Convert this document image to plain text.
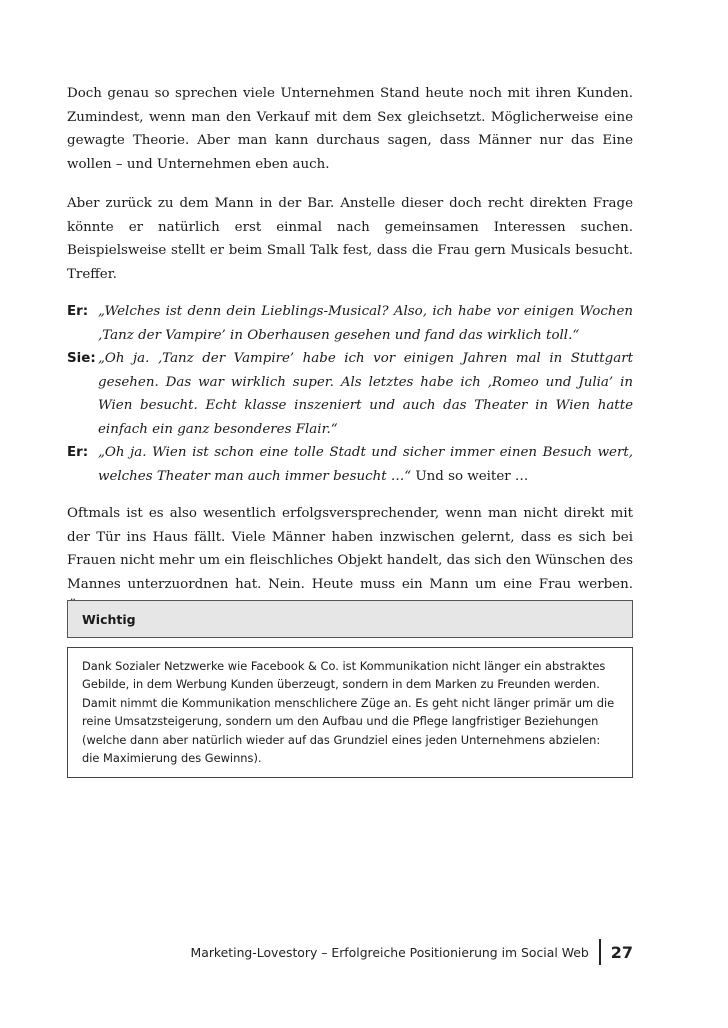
Doch genau so sprechen viele Unternehmen Stand heute noch mit ihren Kunden. Zumindest, wenn man den Verkauf mit dem Sex gleichsetzt. Möglicherweise eine gewagte Theorie. Aber man kann durchaus sagen, dass Männer nur das Eine wollen – und Unternehmen eben auch.

Aber zurück zu dem Mann in der Bar. Anstelle dieser doch recht direkten Frage könnte er natürlich erst einmal nach gemeinsamen Interessen suchen. Beispielsweise stellt er beim Small Talk fest, dass die Frau gern Musicals besucht. Treffer.

Er: „Welches ist denn dein Lieblings-Musical? Also, ich habe vor einigen Wochen ‚Tanz der Vampire’ in Oberhausen gesehen und fand das wirklich toll.“
Sie: „Oh ja. ‚Tanz der Vampire’ habe ich vor einigen Jahren mal in Stuttgart gesehen. Das war wirklich super. Als letztes habe ich ‚Romeo und Julia’ in Wien besucht. Echt klasse inszeniert und auch das Theater in Wien hatte einfach ein ganz besonderes Flair.“
Er: „Oh ja. Wien ist schon eine tolle Stadt und sicher immer einen Besuch wert, welches Theater man auch immer besucht …“ Und so weiter …

Oftmals ist es also wesentlich erfolgsversprechender, wenn man nicht direkt mit der Tür ins Haus fällt. Viele Männer haben inzwischen gelernt, dass es sich bei Frauen nicht mehr um ein fleischliches Objekt handelt, das sich den Wünschen des Mannes unterzuordnen hat. Nein. Heute muss ein Mann um eine Frau werben.

Wichtig
Dank Sozialer Netzwerke wie Facebook & Co. ist Kommunikation nicht länger ein abstraktes Gebilde, in dem Werbung Kunden überzeugt, sondern in dem Marken zu Freunden werden. Damit nimmt die Kommunikation menschlichere Züge an. Es geht nicht länger primär um die reine Umsatzsteigerung, sondern um den Aufbau und die Pflege langfristiger Beziehungen (welche dann aber natürlich wieder auf das Grundziel eines jeden Unternehmens abzielen: die Maximierung des Gewinns).
Marketing-Lovestory – Erfolgreiche Positionierung im Social Web 27
